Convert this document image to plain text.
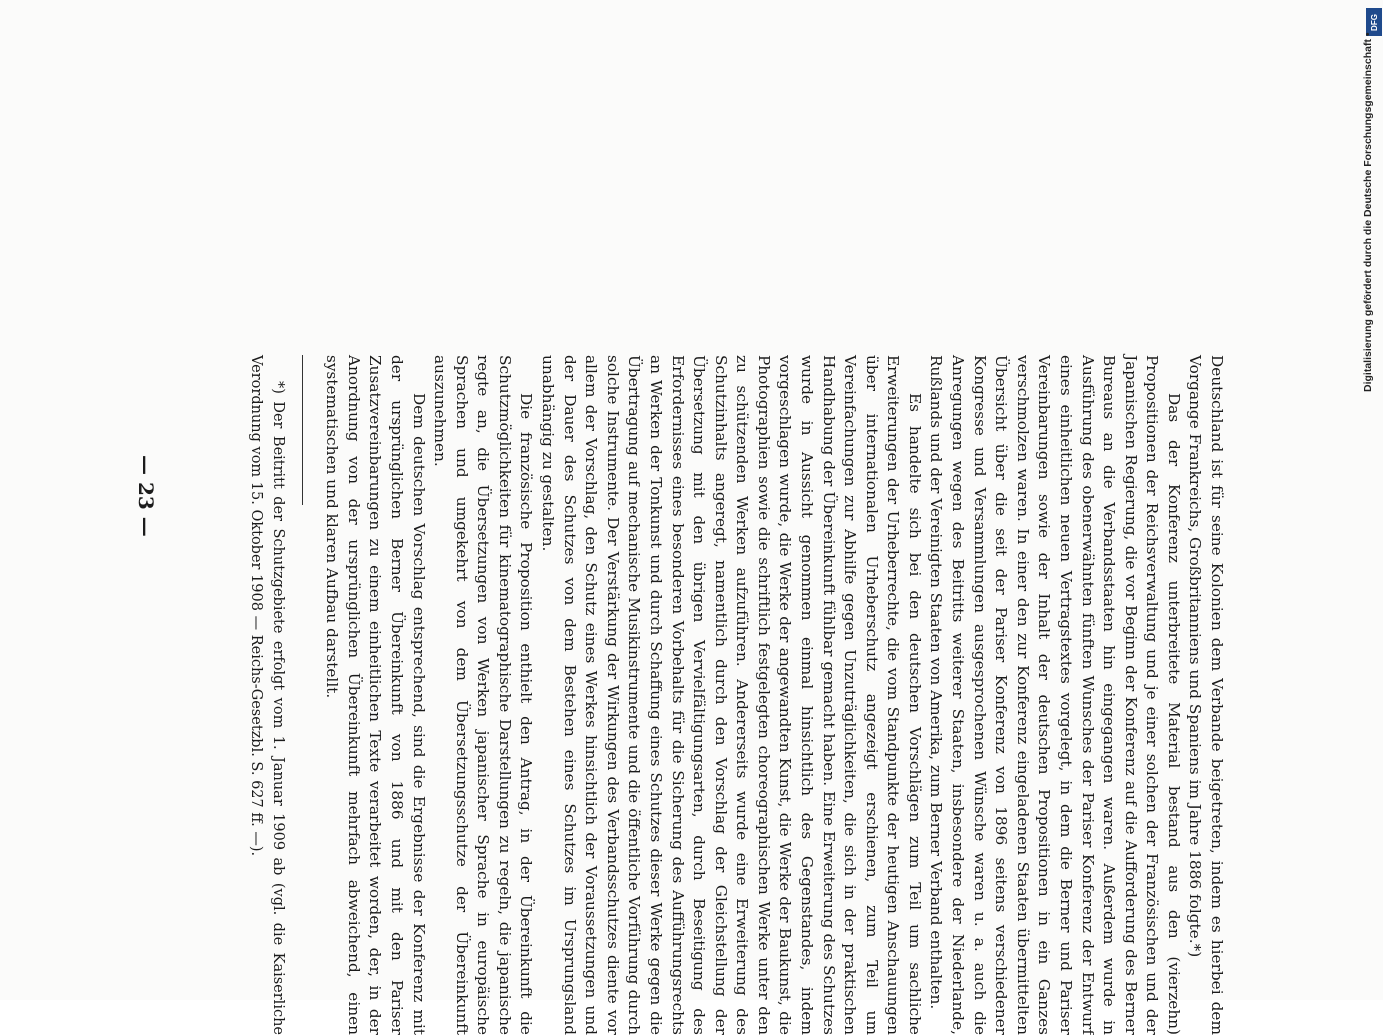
Deutschland ist für seine Kolonien dem Verbande beigetreten, indem es hierbei dem Vorgange Frankreichs, Großbritanniens und Spaniens im Jahre 1886 folgte.*)

Das der Konferenz unterbreitete Material bestand aus den (vierzehn) Propositionen der Reichsverwaltung und je einer solchen der Französischen und der Japanischen Regierung, die vor Beginn der Konferenz auf die Aufforderung des Berner Bureaus an die Verbandsstaaten hin eingegangen waren. Außerdem wurde in Ausführung des obenerwähnten fünften Wunsches der Pariser Konferenz der Entwurf eines einheitlichen neuen Vertragstextes vorgelegt, in dem die Berner und Pariser Vereinbarungen sowie der Inhalt der deutschen Propositionen in ein Ganzes verschmolzen waren. In einer den zur Konferenz eingeladenen Staaten übermittelten Übersicht über die seit der Pariser Konferenz von 1896 seitens verschiedener Kongresse und Versammlungen ausgesprochenen Wünsche waren u. a. auch die Anregungen wegen des Beitritts weiterer Staaten, insbesondere der Niederlande, Rußlands und der Vereinigten Staaten von Amerika, zum Berner Verband enthalten.

Es handelte sich bei den deutschen Vorschlägen zum Teil um sachliche Erweiterungen der Urheberrechte, die vom Standpunkte der heutigen Anschauungen über internationalen Urheberschutz angezeigt erschienen, zum Teil um Vereinfachungen zur Abhilfe gegen Unzuträglichkeiten, die sich in der praktischen Handhabung der Übereinkunft fühlbar gemacht haben. Eine Erweiterung des Schutzes wurde in Aussicht genommen einmal hinsichtlich des Gegenstandes, indem vorgeschlagen wurde, die Werke der angewandten Kunst, die Werke der Baukunst, die Photographien sowie die schriftlich festgelegten choreographischen Werke unter den zu schützenden Werken aufzuführen. Andererseits wurde eine Erweiterung des Schutzinhalts angeregt, namentlich durch den Vorschlag der Gleichstellung der Übersetzung mit den übrigen Vervielfältigungsarten, durch Beseitigung des Erfordernisses eines besonderen Vorbehalts für die Sicherung des Aufführungsrechts an Werken der Tonkunst und durch Schaffung eines Schutzes dieser Werke gegen die Übertragung auf mechanische Musikinstrumente und die öffentliche Vorführung durch solche Instrumente. Der Verstärkung der Wirkungen des Verbandsschutzes diente vor allem der Vorschlag, den Schutz eines Werkes hinsichtlich der Voraussetzungen und der Dauer des Schutzes von dem Bestehen eines Schutzes im Ursprungsland unabhängig zu gestalten.

Die französische Proposition enthielt den Antrag, in der Übereinkunft die Schutzmöglichkeiten für kinematographische Darstellungen zu regeln, die japanische regte an, die Übersetzungen von Werken japanischer Sprache in europäische Sprachen und umgekehrt von dem Übersetzungsschutze der Übereinkunft auszunehmen.

Dem deutschen Vorschlag entsprechend, sind die Ergebnisse der Konferenz mit der ursprünglichen Berner Übereinkunft von 1886 und mit den Pariser Zusatzvereinbarungen zu einem einheitlichen Texte verarbeitet worden, der, in der Anordnung von der ursprünglichen Übereinkunft mehrfach abweichend, einen systematischen und klaren Aufbau darstellt.

*) Der Beitritt der Schutzgebiete erfolgt vom 1. Januar 1909 ab (vgl. die Kaiserliche Verordnung vom 15. Oktober 1908 — Reichs-Gesetzbl. S. 627 ff. —).

— 23 —
DFG
Digitalisierung gefördert durch die Deutsche Forschungsgemeinschaft •
